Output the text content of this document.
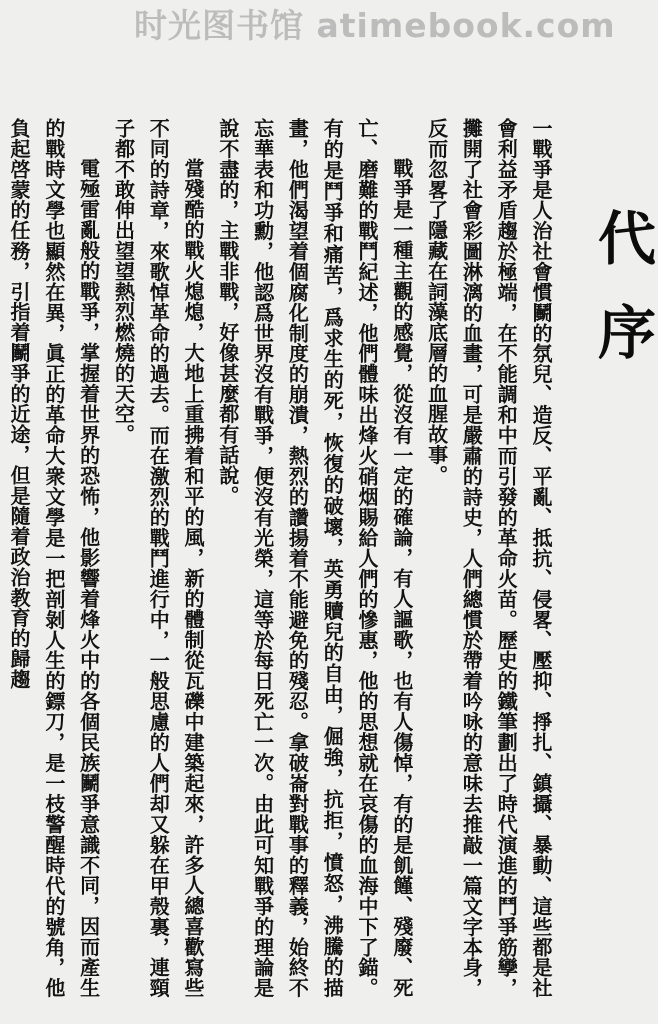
时光图书馆 atimebook.com
代序

一戰爭是人治社會慣鬭的氛兒、造反、平亂、抵抗、侵畧、壓抑、掙扎、鎮攝、暴動、這些都是社會利益矛盾趨於極端，在不能調和中而引發的革命火苗。歷史的鐵筆劃出了時代演進的鬥爭筋孿，攤開了社會彩圖淋漓的血畫，可是嚴肅的詩史，人們總慣於帶着吟咏的意味去推敲一篇文字本身，反而忽畧了隱藏在詞藻底層的血腥故事。

戰爭是一種主觀的感覺，從沒有一定的確論，有人謳歌，也有人傷悼，有的是飢饉、殘廢、死亡、磨難的戰鬥紀述，他們體味出烽火硝烟賜給人們的慘惠，他的思想就在哀傷的血海中下了錨。有的是鬥爭和痛苦，爲求生的死，恢復的破壞，英勇贖兒的自由，倔強，抗拒，憤怒，沸騰的描畫，他們渴望着個腐化制度的崩潰，熱烈的讚揚着不能避免的殘忍。拿破崙對戰事的釋義，始終不忘華表和功勳，他認爲世界沒有戰爭，便沒有光榮，這等於每日死亡一次。由此可知戰爭的理論是說不盡的，主戰非戰，好像甚麼都有話說。

當殘酷的戰火熄熄，大地上重拂着和平的風，新的體制從瓦礫中建築起來，許多人總喜歡寫些不同的詩章，來歌悼革命的過去。而在激烈的戰鬥進行中，一般思慮的人們却又躲在甲殼裏，連頸子都不敢伸出望望熱烈燃燒的天空。

電殛雷亂般的戰爭，掌握着世界的恐怖，他影響着烽火中的各個民族鬭爭意識不同，因而產生的戰時文學也顯然在異，眞正的革命大衆文學是一把剖剝人生的鏢刀，是一枝警醒時代的號角，他負起啓蒙的任務，引指着鬭爭的近途，但是隨着政治教育的歸趨
